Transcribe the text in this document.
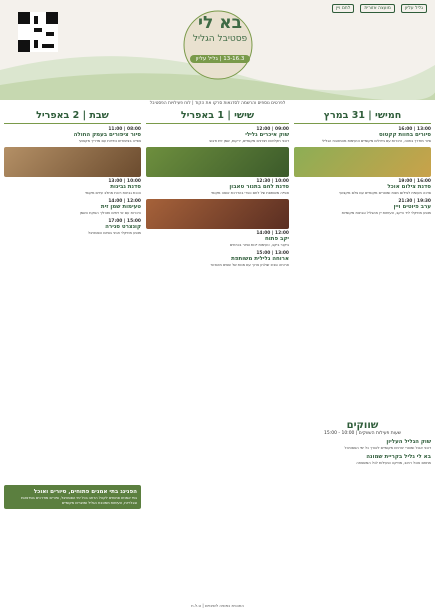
לחם ויין	מועצה אזורית	גליל עליון
בא לי
פסטיבל הגליל
13-16.3 | גליל עליון
לפרטים נוספים והרשמה לסדנאות סרקו את הקוד | לוח פעילויות הפסטיבל
חמישי | 31 במרץ
13:00 | 16:00
סיורים בחוות קקטוס
סיור מודרך בחווה, היכרות עם גידולים מקומיים וטעימות מהמטבח הגלילי
16:00 | 19:00
סדנת צילום אוכל
סדנה מעשית לצילום מנות ומוצרים מקומיים עם צלם מקצועי
19:30 | 21:30
ערב פיוטים ויין
מופע מוזיקלי ליד היקב, טעימות יין מהגליל וגבינות מקומיות
שישי | 1 באפריל
09:00 | 12:00
שוק איכרים גלילי
דוכני חקלאים ויצרנים מקומיים, ירקות, שמן זית ודבש
10:00 | 12:30
סדנת לחם בתנור טאבון
אפייה משותפת של לחם כפרי בהדרכת אופה מקומי
12:00 | 14:00
יקב פתוח
ביקור ביקב, טעימות יינות וסיור בכרמים
13:00 | 15:00
ארוחה גלילית משותפת
ארוחה סביב שולחן ארוך עם מנות של שפים מהאזור
שבת | 2 באפריל
08:00 | 11:00
סיור ציפורים בעמק החולה
צפייה בציפורים נודדות עם מדריך מקצועי
10:00 | 13:00
סדנת גבינות
הכנת גבינות רכות מחלב עיזים מקומי
12:00 | 14:00
טעימות שמן זית
היכרות עם זני זיתים ותהליך הפקת השמן
15:00 | 17:00
קונצרט סגירה
מופע מוזיקלי חגיגי בסיום הפסטיבל
שווקים
שעות פעילות השווקים | 10:00 - 15:00
שוק הגליל העליון
דוכני אוכל ומוצרי יצרנים מקומיים לאורך כל ימי הפסטיבל
בא לי גליל בקריית שמונה
מתחם אוכל רחוב, מוזיקה ופעילות לכל המשפחה
הפנינג בתי אמנים פתוחים, סיורים ואוכל
בתי אמנים פתוחים לקהל הרחב בכל ימי הפסטיבל, סיורים מודרכים בסדנאות ובגלריות, טעימות ממטבח הגליל ומוצרים מקומיים
התכנית כפופה לשינויים | ט.ל.ח
